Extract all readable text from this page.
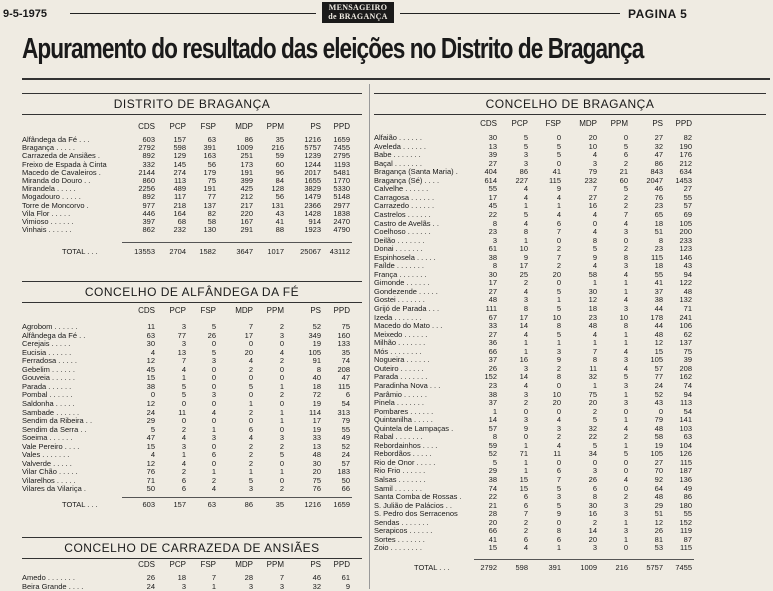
9-5-1975
MENSAGEIRO
de BRAGANÇA	PAGINA 5
Apuramento do resultado das eleições no Distrito de Bragança
DISTRITO DE BRAGANÇA
CDS	PCP	FSP	MDP	PPM	PS	PPD
Alfândega da Fé . . .	603	157	63	86	35	1216	1659
Bragança . . . . .	2792	598	391	1009	216	5757	7455
Carrazeda de Ansiães .	892	129	163	251	59	1239	2795
Freixo de Espada à Cinta	332	145	56	173	60	1244	1193
Macedo de Cavaleiros .	2144	274	179	191	96	2017	5481
Miranda do Douro . .	860	113	75	399	84	1655	1770
Mirandela . . . . .	2256	489	191	425	128	3829	5330
Mogadouro . . . . .	892	117	77	212	56	1479	5148
Torre de Moncorvo .	977	218	137	217	131	2366	2977
Vila Flor . . . . .	446	164	82	220	43	1428	1838
Vimioso . . . . . .	397	68	58	167	41	914	2470
Vinhais . . . . . .	862	232	130	291	88	1923	4790
TOTAL . . .	13553	2704	1582	3647	1017	25067	43112
CONCELHO DE ALFÂNDEGA DA FÉ
CDS	PCP	FSP	MDP	PPM	PS	PPD
Agrobom . . . . . .	11	3	5	7	2	52	75
Alfândega da Fé . .	63	77	26	17	3	349	160
Cerejais . . . . .	30	3	0	0	0	19	133
Eucisia . . . . . .	4	13	5	20	4	105	35
Ferradosa . . . . .	12	7	3	4	2	91	74
Gebelim . . . . . .	45	4	0	2	0	8	208
Gouveia . . . . . .	15	1	0	0	0	40	47
Parada . . . . . .	38	5	0	5	1	18	115
Pombal . . . . . .	0	5	3	0	2	72	6
Saldonha . . . . .	12	0	0	1	0	19	54
Sambade . . . . . .	24	11	4	2	1	114	313
Sendim da Ribeira . .	29	0	0	0	1	17	79
Sendim da Serra . .	5	2	1	6	0	19	55
Soeima . . . . . .	47	4	3	4	3	33	49
Vale Pereiro . . . .	15	3	0	2	2	13	52
Vales . . . . . . .	4	1	6	2	5	48	24
Valverde . . . . .	12	4	0	2	0	30	57
Vilar Chão . . . . .	76	2	1	1	1	20	183
Vilarelhos . . . . .	71	6	2	5	0	75	50
Vilares da Vilariça .	50	6	4	3	2	76	66
TOTAL . . .	603	157	63	86	35	1216	1659
CONCELHO DE CARRAZEDA DE ANSIÃES
CDS	PCP	FSP	MDP	PPM	PS	PPD
Amedo . . . . . . .	26	18	7	28	7	46	61
Beira Grande . . . .	24	3	1	3	3	32	9
CONCELHO DE BRAGANÇA
CDS	PCP	FSP	MDP	PPM	PS	PPD
Alfaião . . . . . .	30	5	0	20	0	27	82
Aveleda . . . . . .	13	5	5	10	5	32	190
Babe . . . . . . .	39	3	5	4	6	47	176
Baçal . . . . . . .	27	3	0	3	2	86	212
Bragança (Santa Maria) .	404	86	41	79	21	843	634
Bragança (Sé) . . . .	614	227	115	232	60	2047	1453
Calvelhe . . . . . .	55	4	9	7	5	46	27
Carragosa . . . . . .	17	4	4	27	2	76	55
Carrazedo . . . . . .	45	1	1	16	2	23	57
Castrelos . . . . . .	22	5	4	4	7	65	69
Castro de Avelãs . .	8	4	6	0	4	18	105
Coelhoso . . . . . .	23	8	7	4	3	51	200
Deilão . . . . . . .	3	1	0	8	0	8	233
Donai . . . . . . .	61	10	2	5	2	23	123
Espinhosela . . . . .	38	9	7	9	8	115	146
Faílde . . . . . . .	8	17	2	4	3	18	43
França . . . . . . .	30	25	20	58	4	55	94
Gimonde . . . . . .	17	2	0	1	1	41	122
Gondezende . . . . .	27	4	5	30	1	37	48
Gostei . . . . . . .	48	3	1	12	4	38	132
Grijó de Parada . . .	111	8	5	18	3	44	71
Izeda . . . . . . .	67	17	10	23	10	178	241
Macedo do Mato . . .	33	14	8	48	8	44	106
Meixedo . . . . . .	27	4	5	4	1	48	62
Milhão . . . . . . .	36	1	1	1	1	12	137
Mós . . . . . . . .	66	1	3	7	4	15	75
Nogueira . . . . . .	37	16	9	8	3	105	39
Outeiro . . . . . .	26	3	2	11	4	57	208
Parada . . . . . . .	152	14	8	32	5	77	162
Paradinha Nova . . .	23	4	0	1	3	24	74
Parâmio . . . . . .	38	3	10	75	1	52	94
Pinela . . . . . . .	37	2	20	20	3	43	113
Pombares . . . . . .	1	0	0	2	0	0	54
Quintanilha . . . . .	14	3	4	5	1	79	141
Quintela de Lampaças .	57	9	3	32	4	48	103
Rabal . . . . . . .	8	0	2	22	2	58	63
Rebordainhos . . . .	59	1	4	5	1	19	104
Rebordãos . . . . .	52	71	11	34	5	105	126
Rio de Onor . . . . .	5	1	0	0	0	27	115
Rio Frio . . . . . .	29	1	6	3	0	70	187
Salsas . . . . . . .	38	15	7	26	4	92	136
Samil . . . . . . .	74	15	5	6	0	64	49
Santa Comba de Rossas .	22	6	3	8	2	48	86
S. Julião de Palácios . .	21	6	5	30	3	29	180
S. Pedro dos Serracenos	28	7	9	16	3	51	55
Sendas . . . . . . .	20	2	0	2	1	12	152
Serapicos . . . . . .	66	2	8	14	3	26	119
Sortes . . . . . . .	41	6	6	20	1	81	87
Zoio . . . . . . . .	15	4	1	3	0	53	115
TOTAL . . .	2792	598	391	1009	216	5757	7455
